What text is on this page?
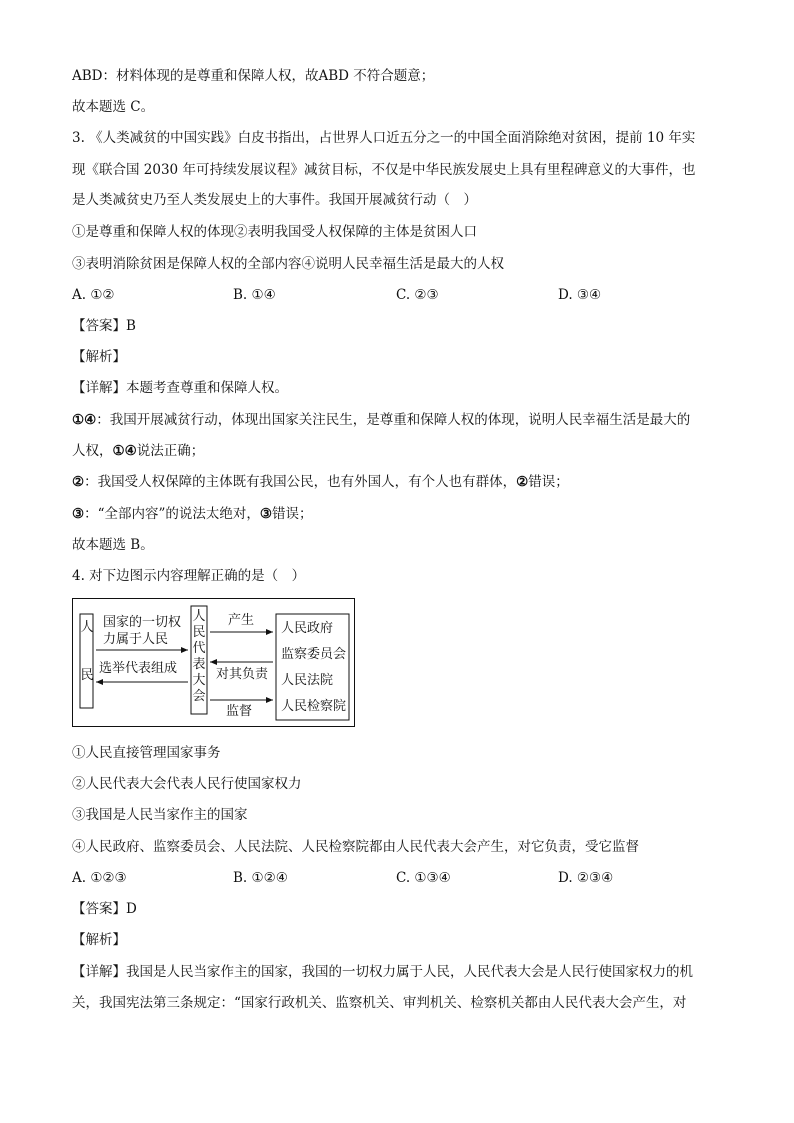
ABD：材料体现的是尊重和保障人权，故ABD 不符合题意；
故本题选 C。
3. 《人类减贫的中国实践》白皮书指出，占世界人口近五分之一的中国全面消除绝对贫困，提前 10 年实
现《联合国 2030 年可持续发展议程》减贫目标，不仅是中华民族发展史上具有里程碑意义的大事件，也
是人类减贫史乃至人类发展史上的大事件。我国开展减贫行动（　）
①是尊重和保障人权的体现②表明我国受人权保障的主体是贫困人口
③表明消除贫困是保障人权的全部内容④说明人民幸福生活是最大的人权
A. ①②	B. ①④	C. ②③	D. ③④
【答案】B
【解析】
【详解】本题考查尊重和保障人权。
①④：我国开展减贫行动，体现出国家关注民生，是尊重和保障人权的体现，说明人民幸福生活是最大的
人权，①④说法正确；
②：我国受人权保障的主体既有我国公民，也有外国人，有个人也有群体，②错误；
③：“全部内容”的说法太绝对，③错误；
故本题选 B。
4. 对下边图示内容理解正确的是（　）
人

民
国家的一切权
力属于人民
选举代表组成
人
民
代
表
大
会
产生
对其负责
监督
人民政府
监察委员会
人民法院
人民检察院
①人民直接管理国家事务
②人民代表大会代表人民行使国家权力
③我国是人民当家作主的国家
④人民政府、监察委员会、人民法院、人民检察院都由人民代表大会产生，对它负责，受它监督
A. ①②③	B. ①②④	C. ①③④	D. ②③④
【答案】D
【解析】
【详解】我国是人民当家作主的国家，我国的一切权力属于人民，人民代表大会是人民行使国家权力的机
关，我国宪法第三条规定：“国家行政机关、监察机关、审判机关、检察机关都由人民代表大会产生，对
